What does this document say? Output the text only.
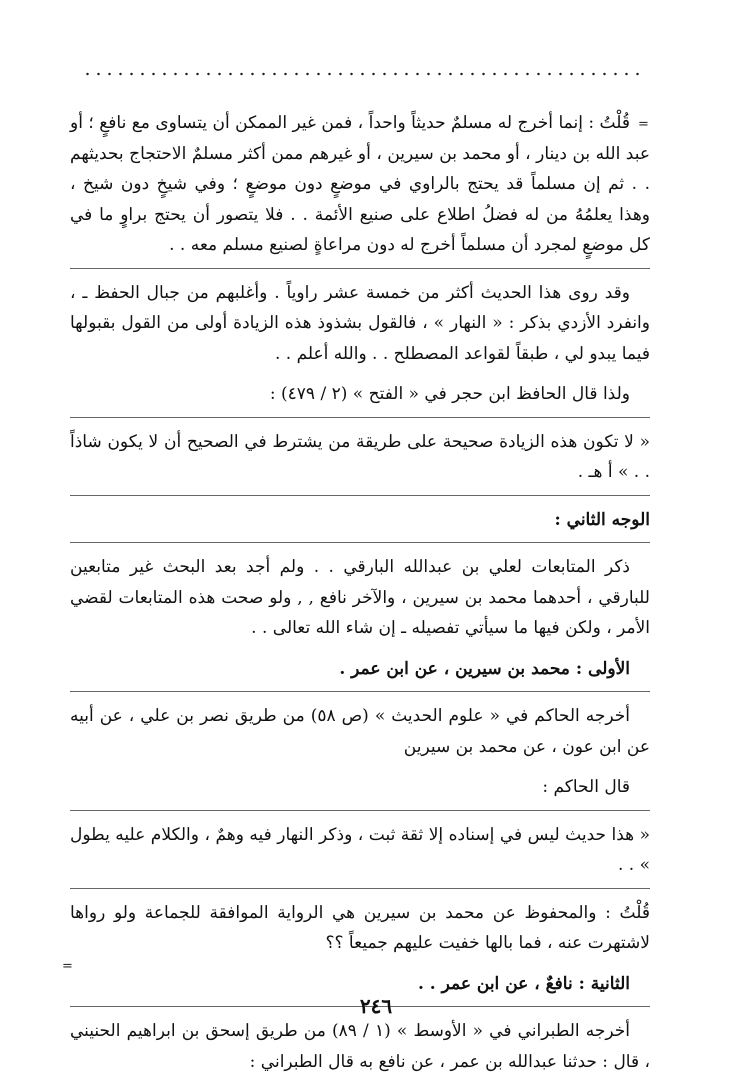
=

قُلْتُ : إنما أخرج له مسلمٌ حديثاً واحداً ، فمن غير الممكن أن يتساوى مع نافعٍ ؛ أو عبد الله بن دينار ، أو محمد بن سيرين ، أو غيرهم ممن أكثر مسلمٌ الاحتجاج بحديثهم . . ثم إن مسلماً قد يحتج بالراوي في موضعٍ دون موضعٍ ؛ وفي شيخٍ دون شيخ ، وهذا يعلمُهُ من له فضلُ اطلاع على صنيع الأئمة . . فلا يتصور أن يحتج براوٍ ما في كل موضعٍ لمجرد أن مسلماً أخرج له دون مراعاةٍ لصنيع مسلم معه . .

وقد روى هذا الحديث أكثر من خمسة عشر راوياً . وأغلبهم من جبال الحفظ ـ ، وانفرد الأزدي بذكر : « النهار » ، فالقول بشذوذ هذه الزيادة أولى من القول بقبولها فيما يبدو لي ، طبقاً لقواعد المصطلح . . والله أعلم . .

ولذا قال الحافظ ابن حجر في « الفتح » (٢ / ٤٧٩) :

« لا تكون هذه الزيادة صحيحة على طريقة من يشترط في الصحيح أن لا يكون شاذاً . . » أ هـ .

الوجه الثاني :

ذكر المتابعات لعلي بن عبدالله البارقي . . ولم أجد بعد البحث غير متابعين للبارقي ، أحدهما محمد بن سيرين ، والآخر نافع , , ولو صحت هذه المتابعات لقضي الأمر ، ولكن فيها ما سيأتي تفصيله ـ إن شاء الله تعالى . .

الأولى : محمد بن سيرين ، عن ابن عمر .

أخرجه الحاكم في « علوم الحديث » (ص ٥٨) من طريق نصر بن علي ، عن أبيه عن ابن عون ، عن محمد بن سيرين

قال الحاكم :

« هذا حديث ليس في إسناده إلا ثقة ثبت ، وذكر النهار فيه وهمٌ ، والكلام عليه يطول » . .

قُلْتُ : والمحفوظ عن محمد بن سيرين هي الرواية الموافقة للجماعة ولو رواها لاشتهرت عنه ، فما بالها خفيت عليهم جميعاً ؟؟

الثانية : نافعٌ ، عن ابن عمر . .

أخرجه الطبراني في « الأوسط » (١ / ٨٩) من طريق إسحق بن ابراهيم الحنيني ، قال : حدثنا عبدالله بن عمر ، عن نافع به قال الطبراني :

=
٢٤٦
